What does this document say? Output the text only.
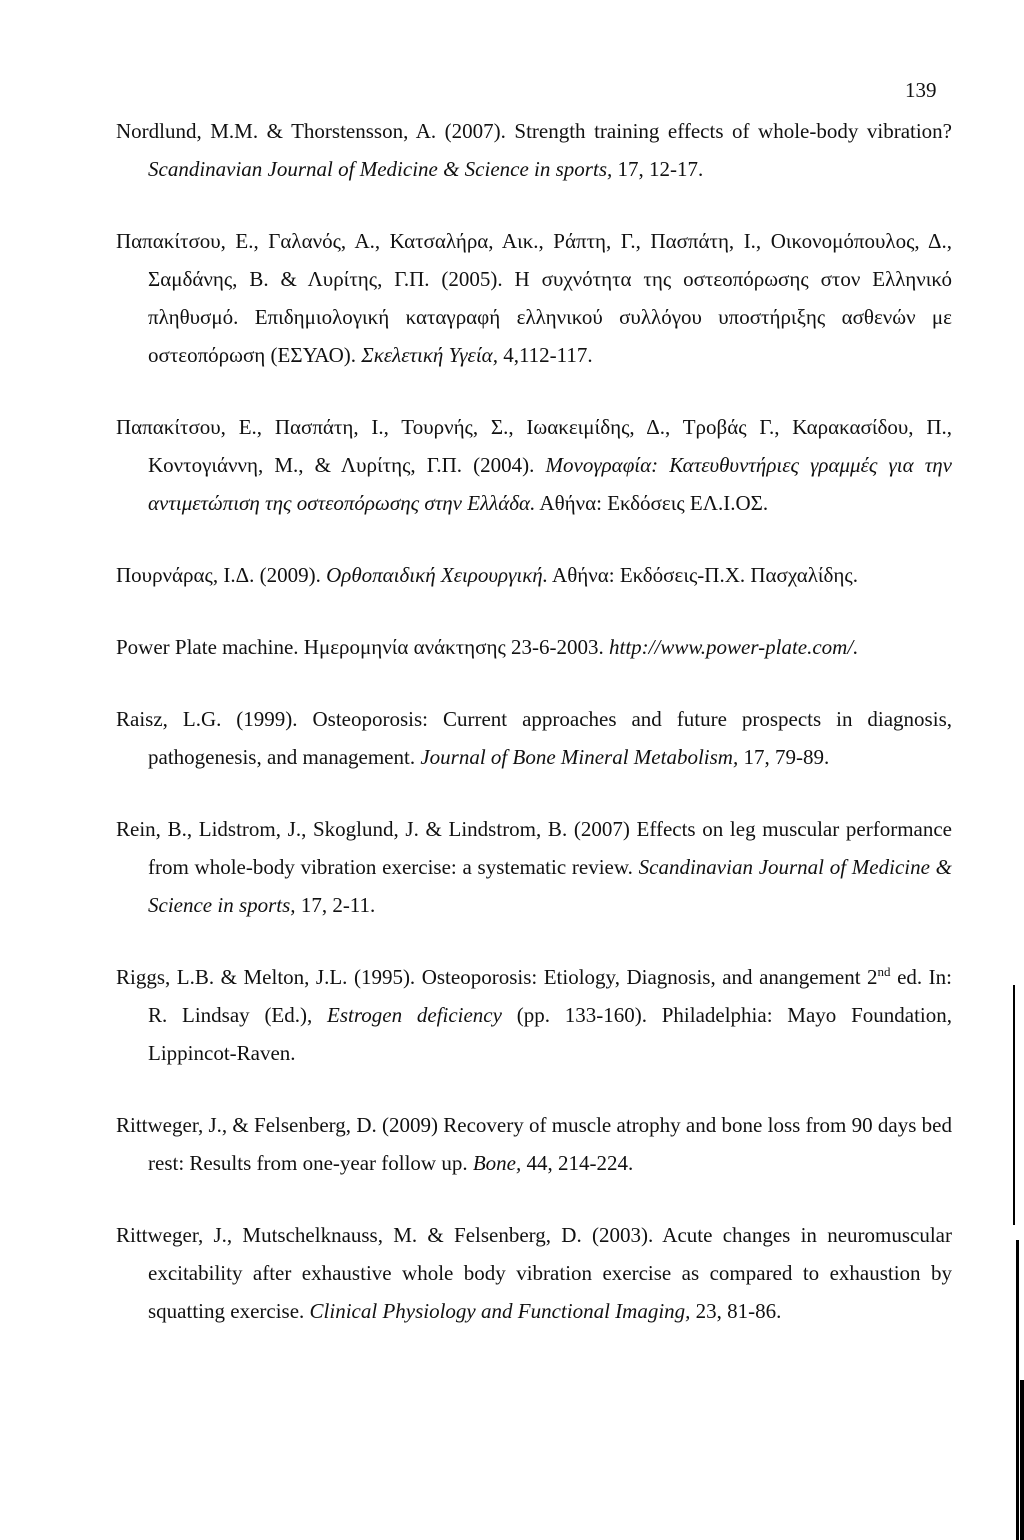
139

Nordlund, M.M. & Thorstensson, A. (2007). Strength training effects of whole-body vibration? Scandinavian Journal of Medicine & Science in sports, 17, 12-17.

Παπακίτσου, Ε., Γαλανός, Α., Κατσαλήρα, Αικ., Ράπτη, Γ., Πασπάτη, Ι., Οικονομόπουλος, Δ., Σαμδάνης, Β. & Λυρίτης, Γ.Π. (2005). Η συχνότητα της οστεοπόρωσης στον Ελληνικό πληθυσμό. Επιδημιολογική καταγραφή ελληνικού συλλόγου υποστήριξης ασθενών με οστεοπόρωση (ΕΣΥΑΟ). Σκελετική Υγεία, 4,112-117.

Παπακίτσου, Ε., Πασπάτη, Ι., Τουρνής, Σ., Ιωακειμίδης, Δ., Τροβάς Γ., Καρακασίδου, Π., Κοντογιάννη, Μ., & Λυρίτης, Γ.Π. (2004). Μονογραφία: Κατευθυντήριες γραμμές για την αντιμετώπιση της οστεοπόρωσης στην Ελλάδα. Αθήνα: Εκδόσεις ΕΛ.Ι.ΟΣ.

Πουρνάρας, Ι.Δ. (2009). Ορθοπαιδική Χειρουργική. Αθήνα: Εκδόσεις-Π.Χ. Πασχαλίδης.

Power Plate machine. Ημερομηνία ανάκτησης 23-6-2003. http://www.power-plate.com/.

Raisz, L.G. (1999). Osteoporosis: Current approaches and future prospects in diagnosis, pathogenesis, and management. Journal of Bone Mineral Metabolism, 17, 79-89.

Rein, B., Lidstrom, J., Skoglund, J. & Lindstrom, B. (2007) Effects on leg muscular performance from whole-body vibration exercise: a systematic review. Scandinavian Journal of Medicine & Science in sports, 17, 2-11.

Riggs, L.B. & Melton, J.L. (1995). Osteoporosis: Etiology, Diagnosis, and anangement 2nd ed. In: R. Lindsay (Ed.), Estrogen deficiency (pp. 133-160). Philadelphia: Mayo Foundation, Lippincot-Raven.

Rittweger, J., & Felsenberg, D. (2009) Recovery of muscle atrophy and bone loss from 90 days bed rest: Results from one-year follow up. Bone, 44, 214-224.

Rittweger, J., Mutschelknauss, M. & Felsenberg, D. (2003). Acute changes in neuromuscular excitability after exhaustive whole body vibration exercise as compared to exhaustion by squatting exercise. Clinical Physiology and Functional Imaging, 23, 81-86.
